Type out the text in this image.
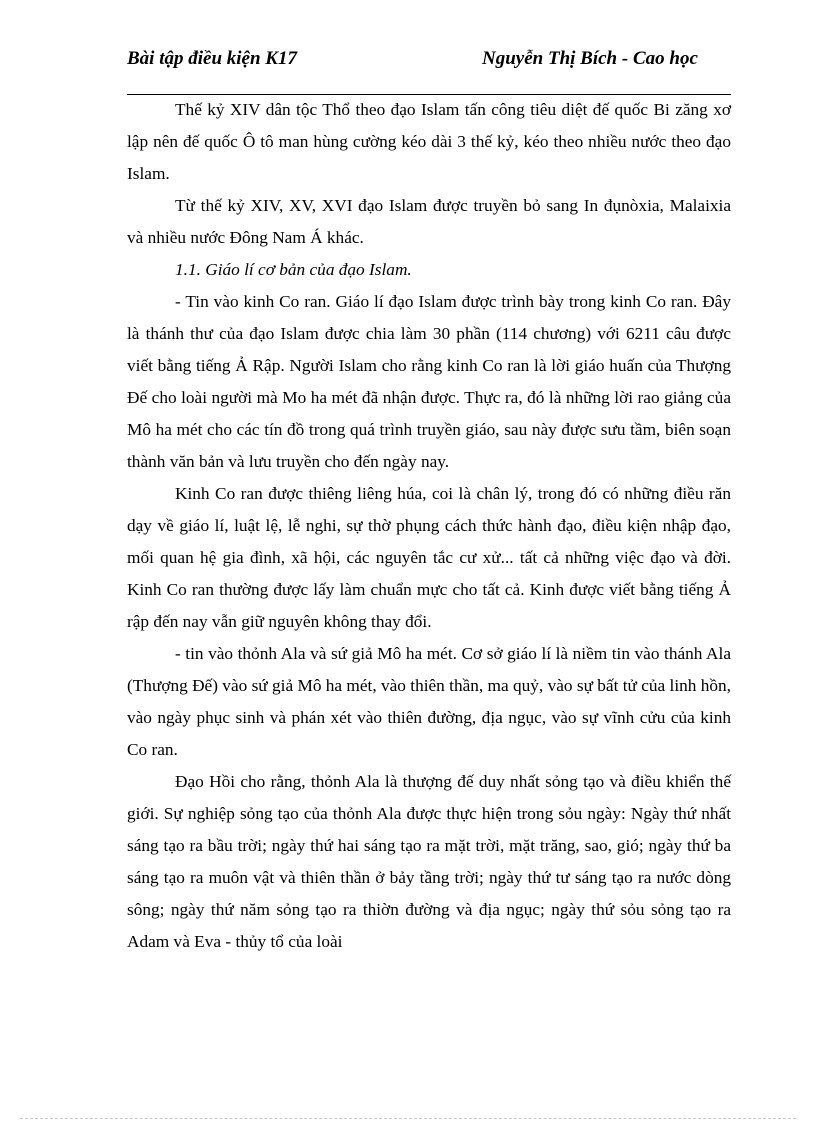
Bài tập điều kiện K17	Nguyễn Thị Bích - Cao học

Thế kỷ XIV dân tộc Thổ theo đạo Islam tấn công tiêu diệt đế quốc Bi zăng xơ lập nên đế quốc Ô tô man hùng cường kéo dài 3 thế kỷ, kéo theo nhiều nước theo đạo Islam.

Từ thế kỷ XIV, XV, XVI đạo Islam được truyền bỏ sang In đụnòxia, Malaixia và nhiều nước Đông Nam Á khác.

1.1. Giáo lí cơ bản của đạo Islam.

- Tin vào kinh Co ran. Giáo lí đạo Islam được trình bày trong kinh Co ran. Đây là thánh thư của đạo Islam được chia làm 30 phần (114 chương) với 6211 câu được viết bằng tiếng Ả Rập. Người Islam cho rằng kinh Co ran là lời giáo huấn của Thượng Đế cho loài người mà Mo ha mét đã nhận được. Thực ra, đó là những lời rao giảng của Mô ha mét cho các tín đồ trong quá trình truyền giáo, sau này được sưu tầm, biên soạn thành văn bản và lưu truyền cho đến ngày nay.

Kinh Co ran được thiêng liêng húa, coi là chân lý, trong đó có những điều răn dạy về giáo lí, luật lệ, lễ nghi, sự thờ phụng cách thức hành đạo, điều kiện nhập đạo, mối quan hệ gia đình, xã hội, các nguyên tắc cư xử... tất cả những việc đạo và đời. Kinh Co ran thường được lấy làm chuẩn mực cho tất cả. Kinh được viết bằng tiếng Ả rập đến nay vẫn giữ nguyên không thay đổi.

- tin vào thỏnh Ala và sứ giả Mô ha mét. Cơ sở giáo lí là niềm tin vào thánh Ala (Thượng Đế) vào sứ giả Mô ha mét, vào thiên thần, ma quỷ, vào sự bất tử của linh hồn, vào ngày phục sinh và phán xét vào thiên đường, địa ngục, vào sự vĩnh cửu của kinh Co ran.

Đạo Hồi cho rằng, thỏnh Ala là thượng đế duy nhất sỏng tạo và điều khiển thế giới. Sự nghiệp sỏng tạo của thỏnh Ala được thực hiện trong sỏu ngày: Ngày thứ nhất sáng tạo ra bầu trời; ngày thứ hai sáng tạo ra mặt trời, mặt trăng, sao, gió; ngày thứ ba sáng tạo ra muôn vật và thiên thần ở bảy tầng trời; ngày thứ tư sáng tạo ra nước dòng sông; ngày thứ năm sỏng tạo ra thiờn đường và địa ngục; ngày thứ sỏu sỏng tạo ra Adam và Eva - thủy tổ của loài
